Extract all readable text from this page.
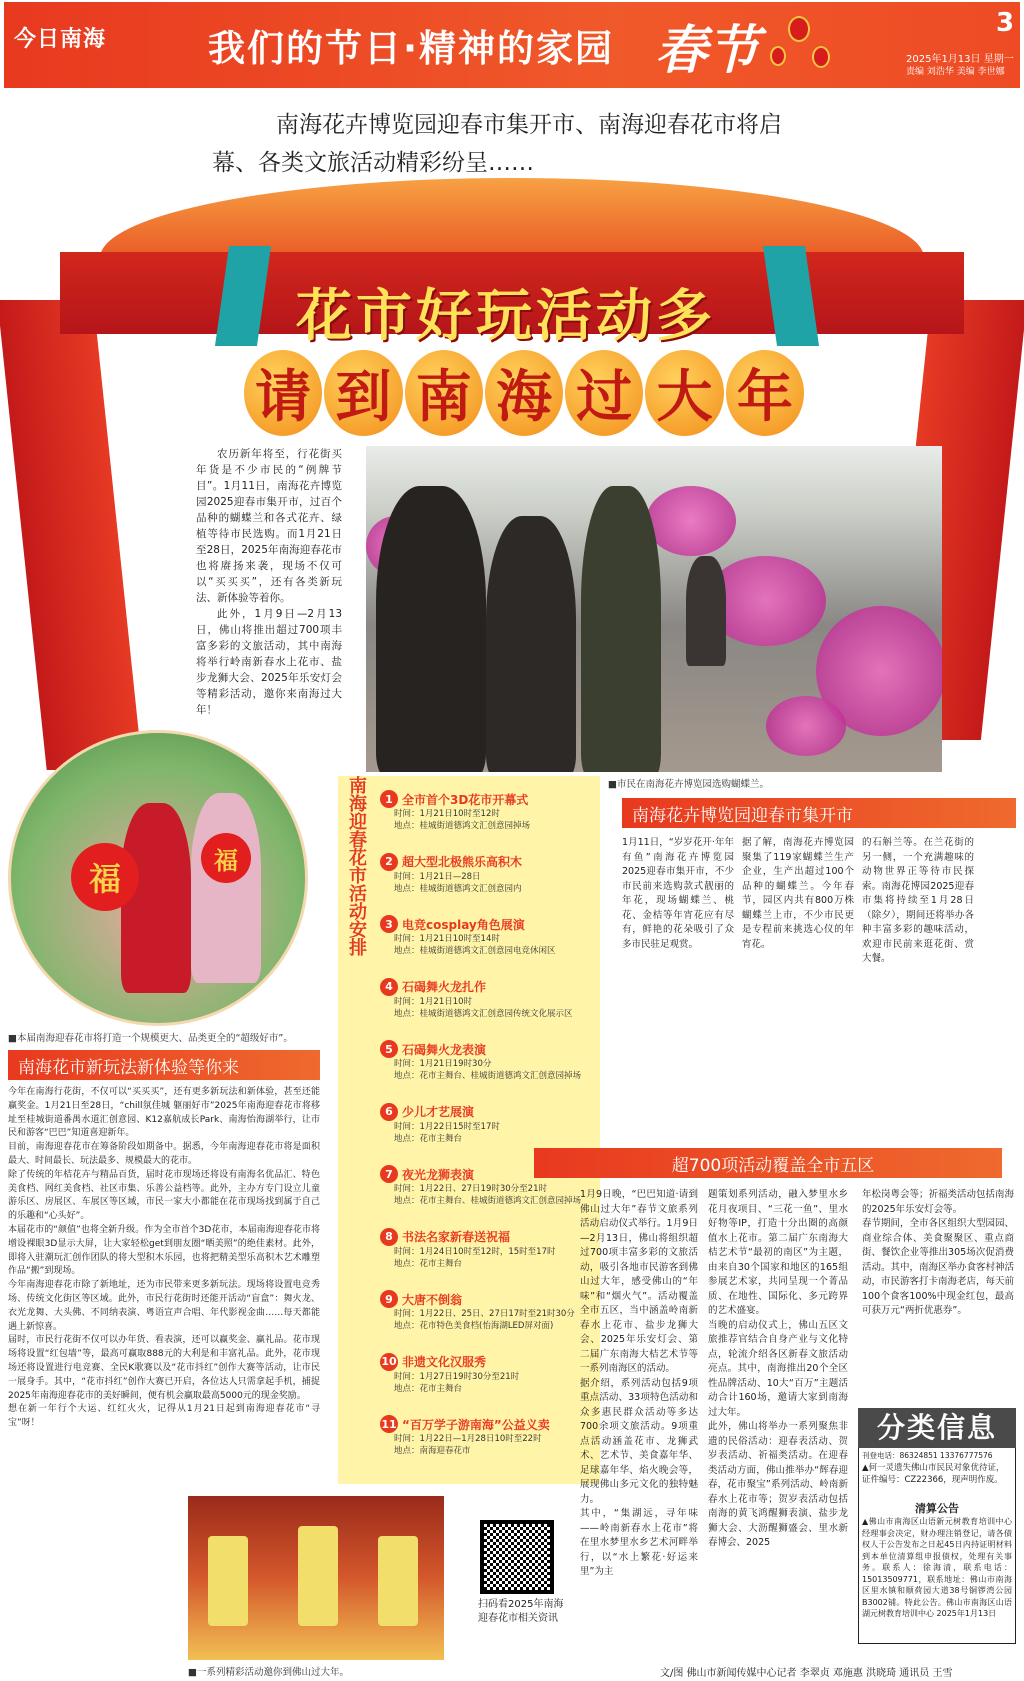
今日南海	我们的节日·精神的家园 春节	3
2025年1月13日 星期一
责编 刘浩华 美编 李世娜
南海花卉博览园迎春市集开市、南海迎春花市将启
幕、各类文旅活动精彩纷呈……
花市好玩活动多
请 到 南 海 过 大 年

农历新年将至，行花街买年货是不少市民的“例牌节目”。1月11日，南海花卉博览园2025迎春市集开市，过百个品种的蝴蝶兰和各式花卉、绿植等待市民选购。而1月21日至28日，2025年南海迎春花市也将赓扬来袭，现场不仅可以“买买买”，还有各类新玩法、新体验等着你。

此外，1月9日—2月13日，佛山将推出超过700项丰富多彩的文旅活动，其中南海将举行岭南新春水上花市、盐步龙狮大会、2025年乐安灯会等精彩活动，邀你来南海过大年！

■市民在南海花卉博览园选购蝴蝶兰。
福	福
■本届南海迎春花市将打造一个规模更大、品类更全的“超级好市”。
南海花卉博览园迎春市集开市
1月11日，“岁岁花开·年年有鱼”南海花卉博览园2025迎春市集开市，不少市民前来选购款式靓丽的年花，现场蝴蝶兰、桃花、金桔等年宵花应有尽有，鲜艳的花朵吸引了众多市民驻足观赏。
据了解，南海花卉博览园聚集了119家蝴蝶兰生产企业，生产出超过100个品种的蝴蝶兰。今年春节，园区内共有800万株蝴蝶兰上市，不少市民更是专程前来挑选心仪的年宵花。
的石斛兰等。在兰花街的另一侧，一个充满趣味的动物世界正等待市民探索。南海花博园2025迎春市集将持续至1月28日（除夕），期间还将举办各种丰富多彩的趣味活动，欢迎市民前来逛花街、赏大餐。
南海迎春花市活动安排	1 全市首个3D花市开幕式
时间：1月21日10时至12时
地点：桂城街道德鸿文汇创意园掉场
2 超大型北极熊乐高积木
时间：1月21日—28日
地点：桂城街道德鸿文汇创意园内
3 电竞cosplay角色展演
时间：1月21日10时至14时
地点：桂城街道德鸿文汇创意园电竞休闲区
4 石碣舞火龙扎作
时间：1月21日10时
地点：桂城街道德鸿文汇创意园传统文化展示区
5 石碣舞火龙表演
时间：1月21日19时30分
地点：花市主舞台、桂城街道德鸿文汇创意园掉场
6 少儿才艺展演
时间：1月22日15时至17时
地点：花市主舞台
7 夜光龙狮表演
时间：1月22日、27日19时30分至21时
地点：花市主舞台、桂城街道德鸿文汇创意园掉场
8 书法名家新春送祝福
时间：1月24日10时至12时，15时至17时
地点：花市主舞台
9 大唐不倒翁
时间：1月22日、25日、27日17时至21时30分
地点：花市特色美食档(怡海湖LED屏对面)
10 非遗文化汉服秀
时间：1月27日19时30分至21时
地点：花市主舞台
11 “百万学子游南海”公益义卖
时间：1月22日—1月28日10时至22时
地点：南海迎春花市
南海花市新玩法新体验等你来
今年在南海行花街，不仅可以“买买买”，还有更多新玩法和新体验，甚至还能赢奖金。1月21日至28日，“chill氛佳城 躯丽好市”2025年南海迎春花市将移址至桂城街道番禺水道汇创意园、K12嘉航成长Park、南海怡海湖举行，让市民和游客“巴巴”知道喜迎新年。
目前，南海迎春花市在筹备阶段如期备中。据悉，今年南海迎春花市将是面积最大、时间最长、玩法最多、规模最大的花市。
除了传统的年桔花卉与精品百货，届时花市现场还将设有南海名优品汇、特色美食档、网红美食档、社区市集、乐善公益档等。此外，主办方专门设立儿童游乐区、房展区、车展区等区域，市民一家大小都能在花市现场找到属于自己的乐趣和“心头好”。
本届花市的“颜值”也将全新升级。作为全市首个3D花市，本届南海迎春花市将增设裸眼3D显示大屏，让大家轻松get到朋友圈“晒美照”的绝佳素材。此外，即将入驻潮玩汇创作团队的将大型积木乐园，也将把精美型乐高积木艺术雕塑作品“搬”到现场。
今年南海迎春花市除了新地址，还为市民带来更多新玩法。现场将设置电竞秀场、传统文化街区等区域。此外，市民行花街时还能开活动“盲盒”：舞火龙、衣光龙舞、大头佛、不同纳表演、粤语宣声合唱、年代影视金曲……每天都能遇上新惊喜。
届时，市民行花街不仅可以办年货、看表演，还可以赢奖金、赢礼品。花市现场将设置“红包墙”等，最高可赢取888元的大利是和丰富礼品。此外，花市现场还将设置进行电竞赛、全民K歌赛以及“花市抖红”创作大赛等活动，让市民一展身手。其中，“花市抖红”创作大赛已开启，各位达人只需拿起手机，捕捉2025年南海迎春花市的美好瞬间，便有机会赢取最高5000元的现金奖励。
想在新一年行个大运、红红火火，记得从1月21日起到南海迎春花市“寻宝”呀！
超700项活动覆盖全市五区
1月9日晚，“巴巴知道·请到佛山过大年”春节文旅系列活动启动仪式举行。1月9日—2月13日，佛山将组织超过700项丰富多彩的文旅活动，吸引各地市民游客到佛山过大年，感受佛山的“年味”和“烟火气”。活动覆盖全市五区，当中涵盖岭南新春水上花市、盐步龙狮大会、2025年乐安灯会、第二届广东南海大桔艺术节等一系列南海区的活动。
据介绍，系列活动包括9项重点活动、33项特色活动和众多惠民群众活动等多达700余项文旅活动。9项重点活动涵盖花市、龙狮武术、艺术节、美食嘉年华、足球嘉年华、焰火晚会等，展现佛山多元文化的独特魅力。
其中，“集湖远，寻年味——岭南新春水上花市”将在里水梦里水乡艺术河畔举行，以“水上繁花·好运来里”为主
题策划系列活动，融入梦里水乡花月夜项目、“三花一鱼”、里水好物等IP，打造十分出圈的高颜值水上花市。第二届广东南海大桔艺术节“最初的南区”为主题，由来自30个国家和地区的165组参展艺术家，共同呈现一个菁品质、在地性、国际化、多元跨界的艺术盛宴。
当晚的启动仪式上，佛山五区文旅推荐官结合自身产业与文化特点，轮流介绍各区新春文旅活动亮点。其中，南海推出20个全区性品牌活动、10大“百万”主题活动合计160场，邀请大家到南海过大年。
此外，佛山将举办一系列聚焦非遗的民俗活动：迎春表活动、贺岁表活动、祈福类活动。在迎春类活动方面，佛山推举办“辉春迎春，花市聚宝”系列活动、岭南新春水上花市等；贺岁表活动包括南海的黄飞鸿醒狮表演、盐步龙狮大会、大沥醒狮盛会、里水新春博会、2025
年松岗粤会等；祈福类活动包括南海的2025年乐安灯会等。
春节期间，全市各区组织大型园园、商业综合体、美食聚聚区、重点商街、餐饮企业等推出305场次促消费活动。其中，南海区举办食客村神活动，市民游客打卡南海老店，每天前100个食客100%中现金红包，最高可获万元“两折优惠券”。
■一系列精彩活动邀你到佛山过大年。
扫码看2025年南海迎春花市相关资讯
分类信息
刊登电话：86324851 13376777576
▲何一灵遗失佛山市民民对象优待证，证件编号：CZ22366，现声明作废。
清算公告
▲佛山市南海区山语新元树教育培训中心经理事会决定，财办理注销登记，请各债权人于公告发布之日起45日内持证明材料到本单位清算组申报债权，处理有关事务。联系人：徐海清，联系电话：15013509771，联系地址：佛山市南海区里水镇和顺荷园大道38号铜锣湾公园B3002铺。特此公告。佛山市南海区山语湖元树教育培训中心 2025年1月13日
文/图 佛山市新闻传媒中心记者 李翠贞 邓施惠 洪晓琦 通讯员 王雪
